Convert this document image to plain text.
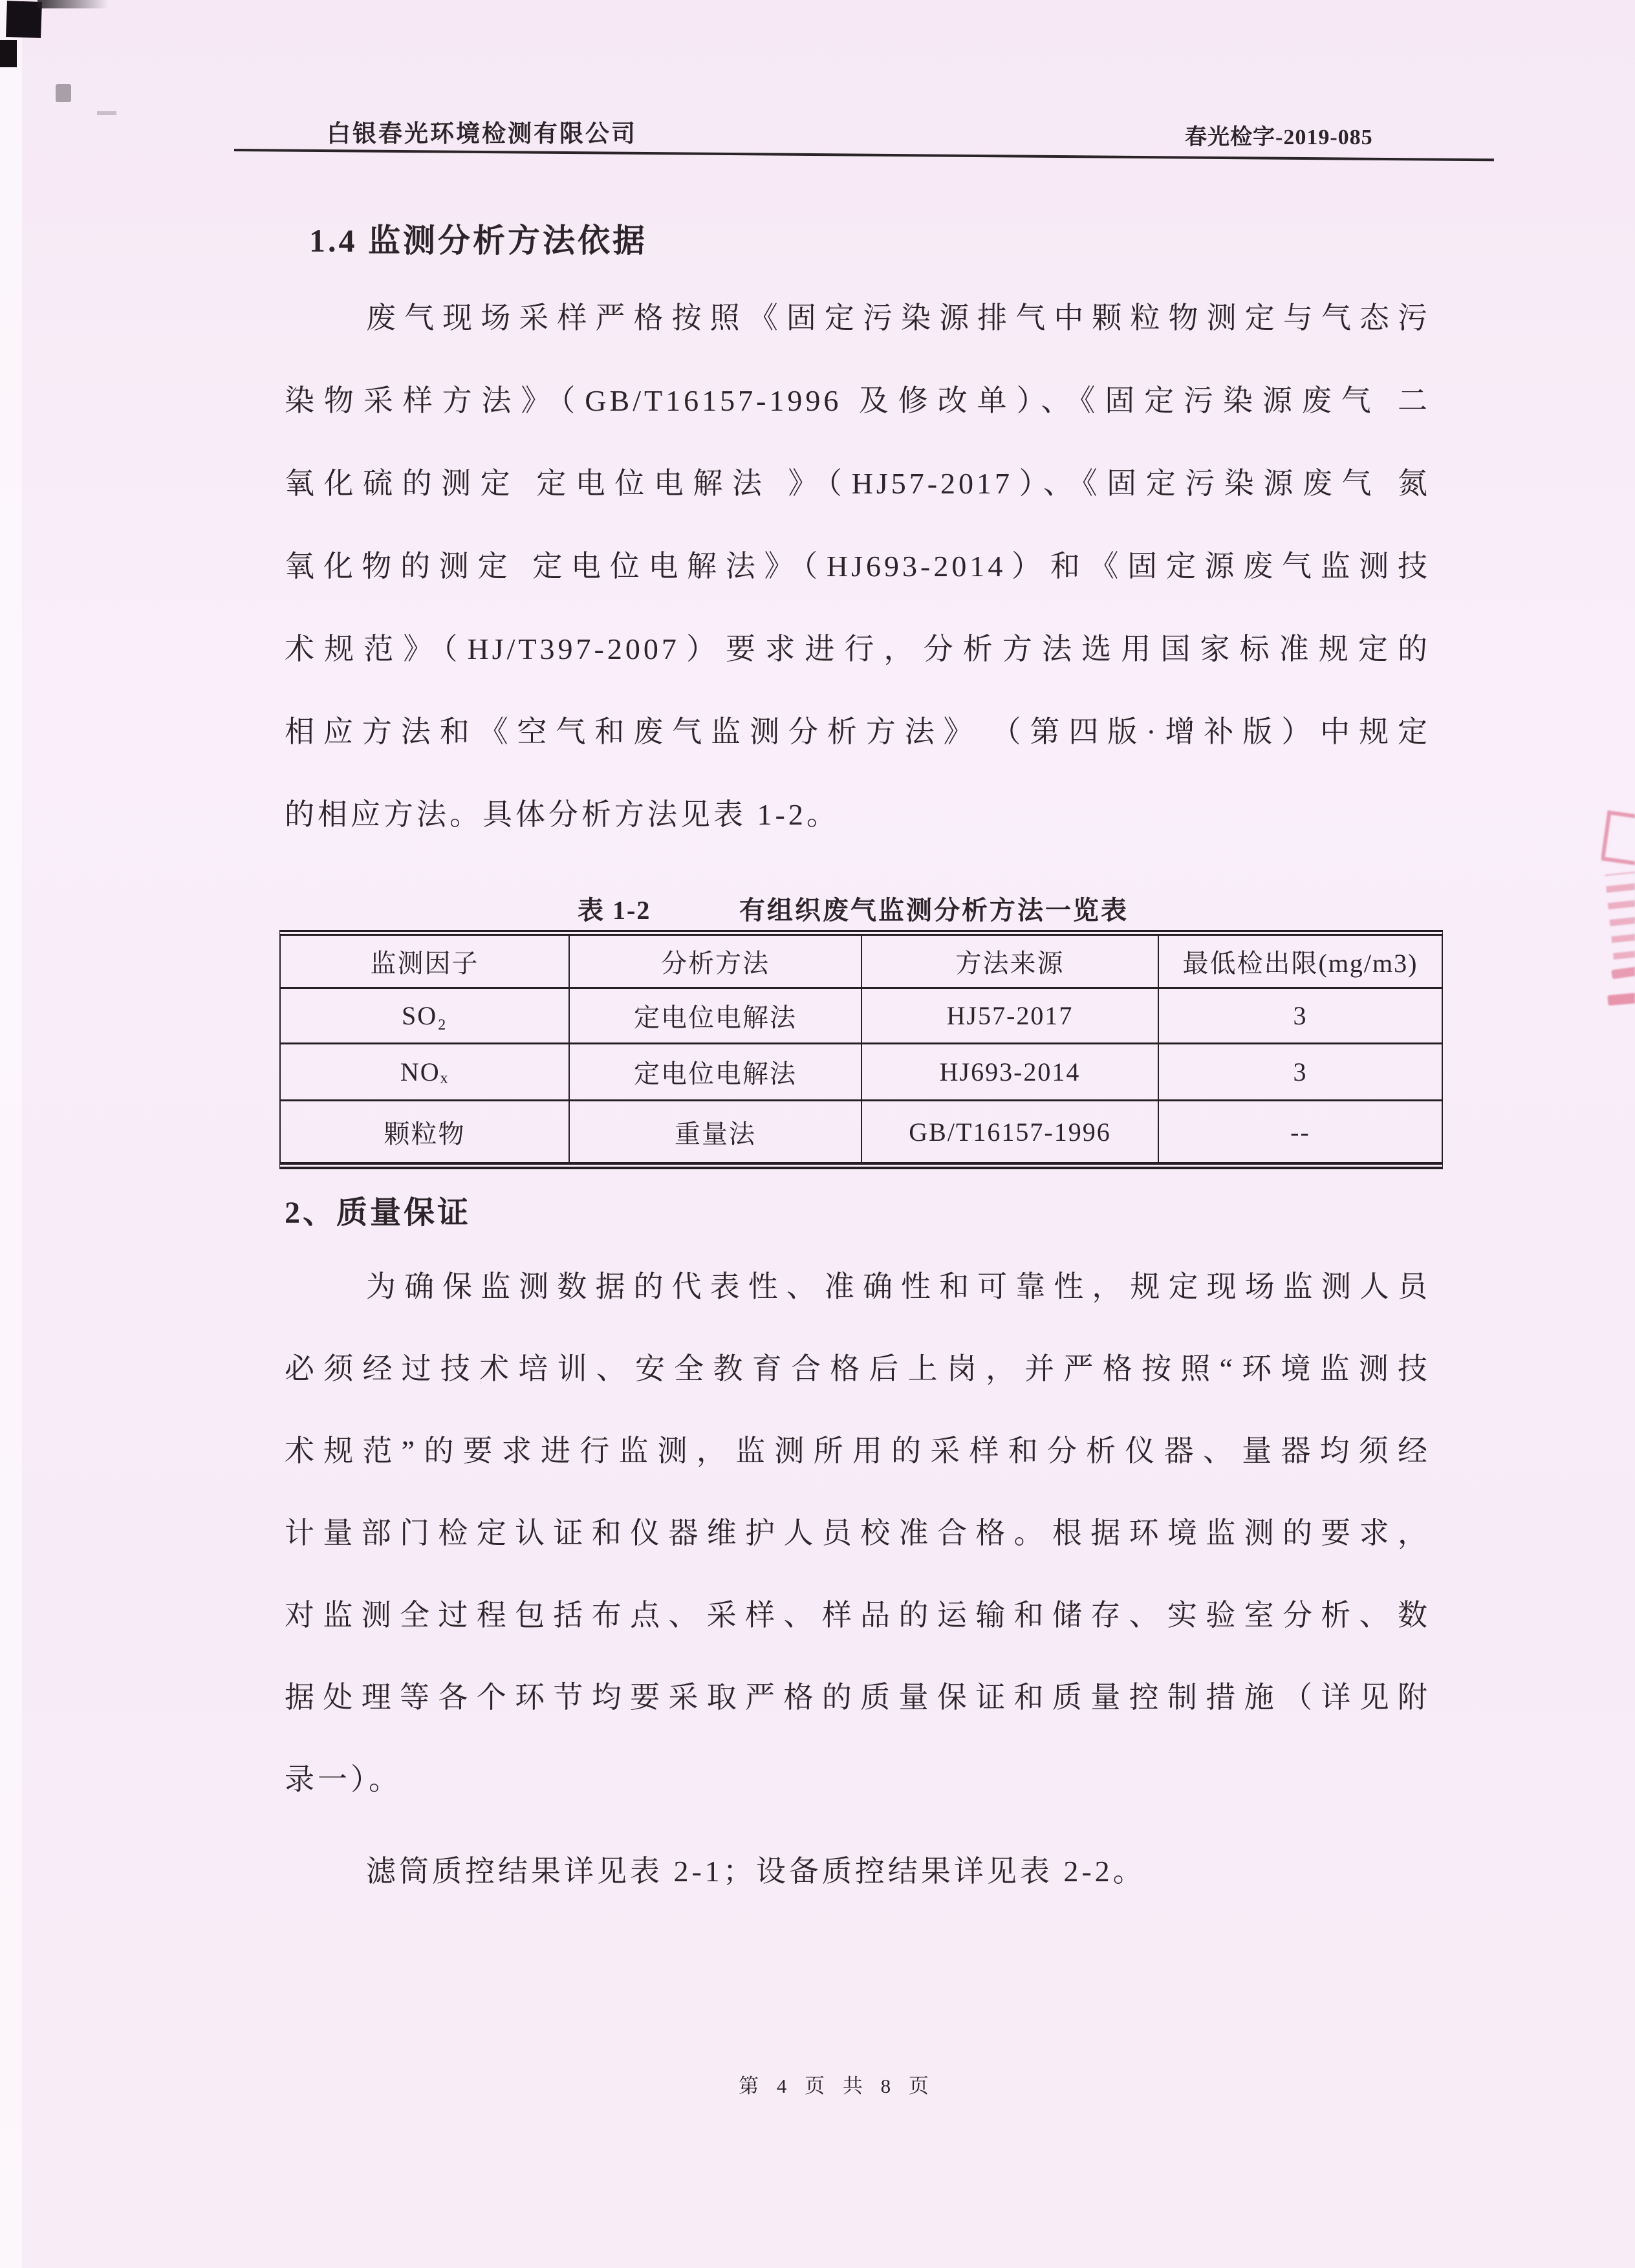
白银春光环境检测有限公司	春光检字-2019-085
1.4 监测分析方法依据
废气现场采样严格按照《固定污染源排气中颗粒物测定与气态污
染物采样方法》（GB/T16157-1996 及修改单）、《固定污染源废气 二
氧化硫的测定 定电位电解法 》（HJ57-2017）、《固定污染源废气 氮
氧化物的测定 定电位电解法》（HJ693-2014）和《固定源废气监测技
术规范》（HJ/T397-2007）要求进行，分析方法选用国家标准规定的
相应方法和《空气和废气监测分析方法》　（第四版·增补版）中规定
的相应方法。具体分析方法见表 1-2。
表 1-2	有组织废气监测分析方法一览表
监测因子	分析方法	方法来源	最低检出限(mg/m3)
SO₂	定电位电解法	HJ57-2017	3
NOₓ	定电位电解法	HJ693-2014	3
颗粒物	重量法	GB/T16157-1996	--
2、质量保证
为确保监测数据的代表性、准确性和可靠性，规定现场监测人员
必须经过技术培训、安全教育合格后上岗，并严格按照“环境监测技
术规范”的要求进行监测，监测所用的采样和分析仪器、量器均须经
计量部门检定认证和仪器维护人员校准合格。根据环境监测的要求，
对监测全过程包括布点、采样、样品的运输和储存、实验室分析、数
据处理等各个环节均要采取严格的质量保证和质量控制措施（详见附
录一）。
滤筒质控结果详见表 2-1；设备质控结果详见表 2-2。
第 4 页 共 8 页
